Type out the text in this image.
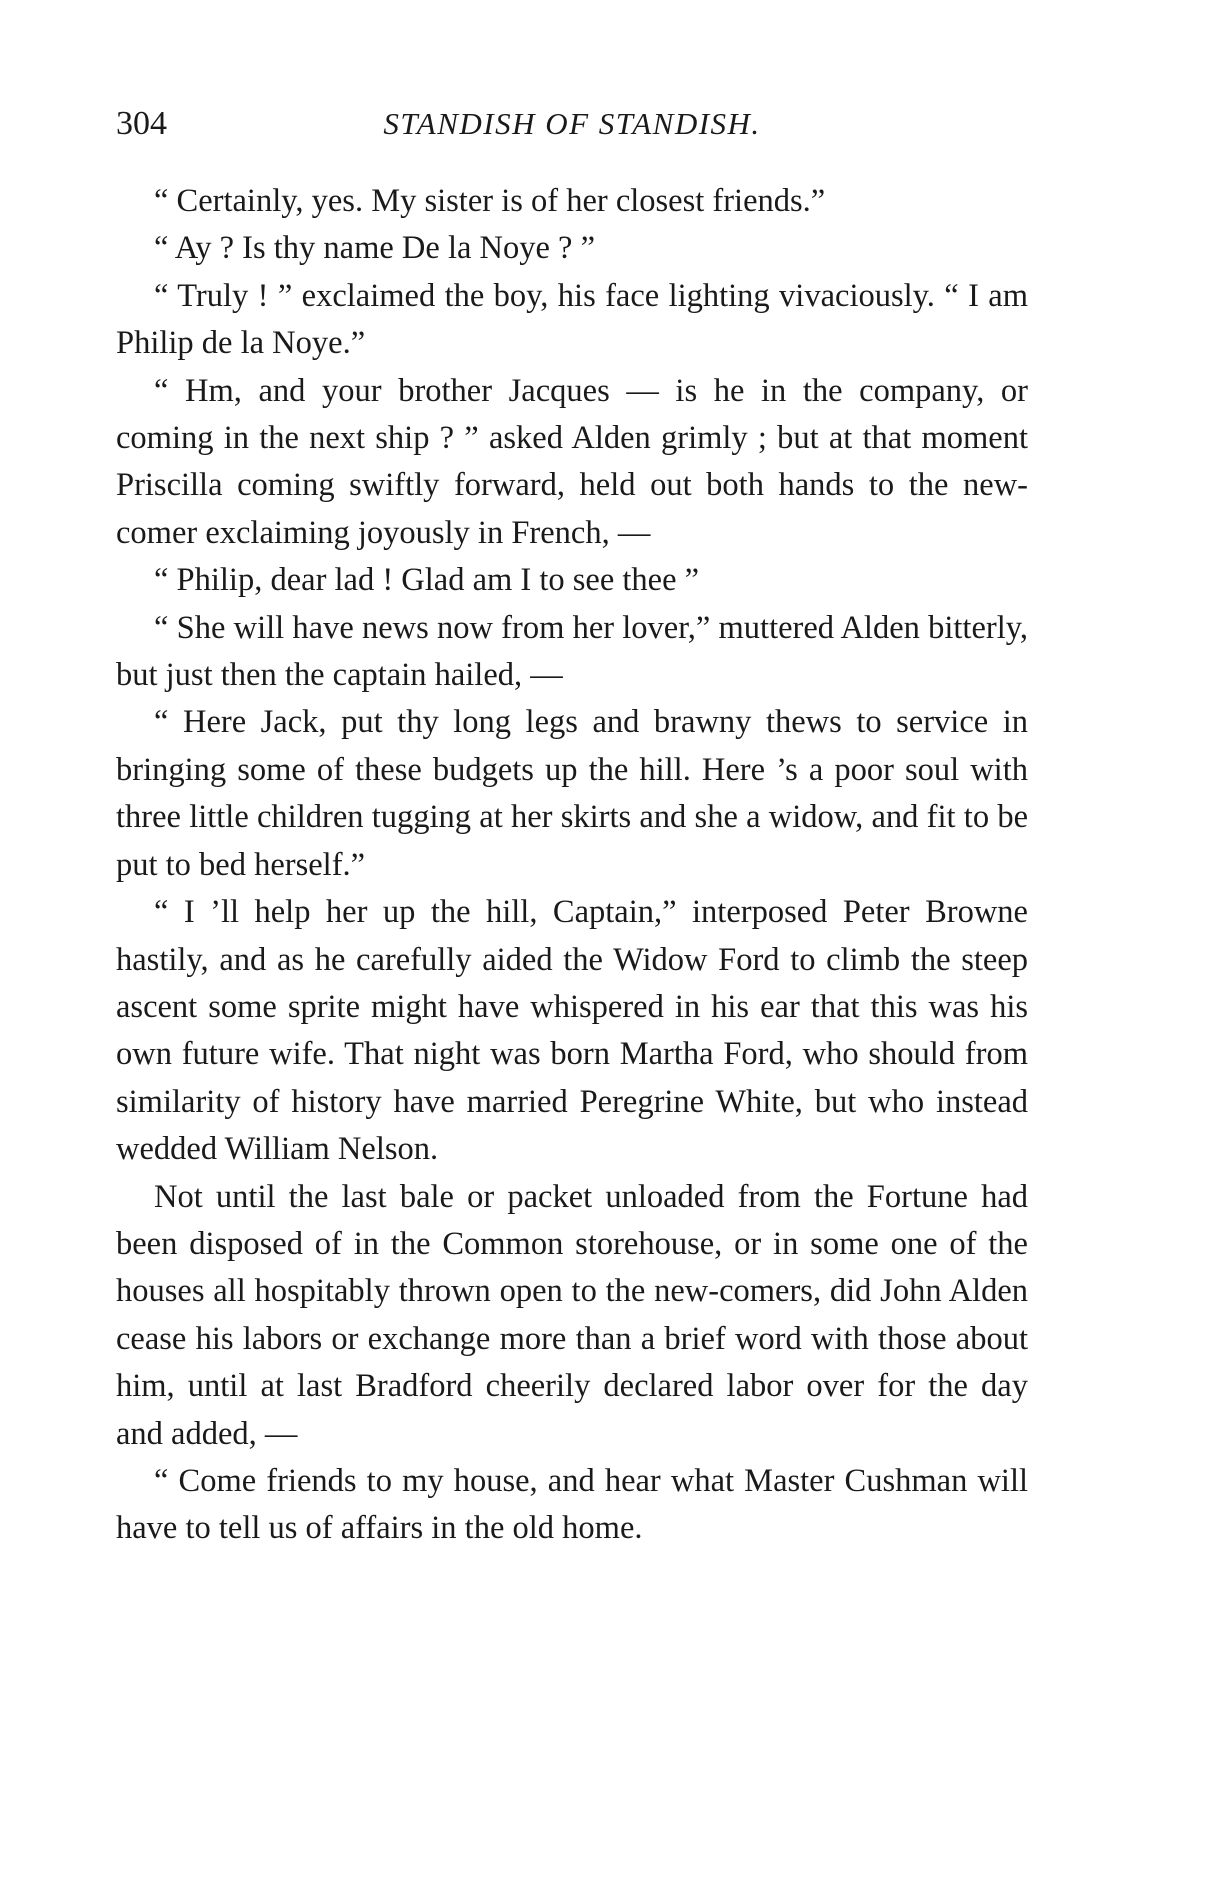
304	STANDISH OF STANDISH.

“ Certainly, yes. My sister is of her closest friends.”

“ Ay ? Is thy name De la Noye ? ”

“ Truly ! ” exclaimed the boy, his face lighting vivaciously. “ I am Philip de la Noye.”

“ Hm, and your brother Jacques — is he in the company, or coming in the next ship ? ” asked Alden grimly ; but at that moment Priscilla coming swiftly forward, held out both hands to the new-comer exclaiming joyously in French, —

“ Philip, dear lad ! Glad am I to see thee ”

“ She will have news now from her lover,” muttered Alden bitterly, but just then the captain hailed, —

“ Here Jack, put thy long legs and brawny thews to service in bringing some of these budgets up the hill. Here ’s a poor soul with three little children tugging at her skirts and she a widow, and fit to be put to bed herself.”

“ I ’ll help her up the hill, Captain,” interposed Peter Browne hastily, and as he carefully aided the Widow Ford to climb the steep ascent some sprite might have whispered in his ear that this was his own future wife. That night was born Martha Ford, who should from similarity of history have married Peregrine White, but who instead wedded William Nelson.

Not until the last bale or packet unloaded from the Fortune had been disposed of in the Common storehouse, or in some one of the houses all hospitably thrown open to the new-comers, did John Alden cease his labors or exchange more than a brief word with those about him, until at last Bradford cheerily declared labor over for the day and added, —

“ Come friends to my house, and hear what Master Cushman will have to tell us of affairs in the old home.
